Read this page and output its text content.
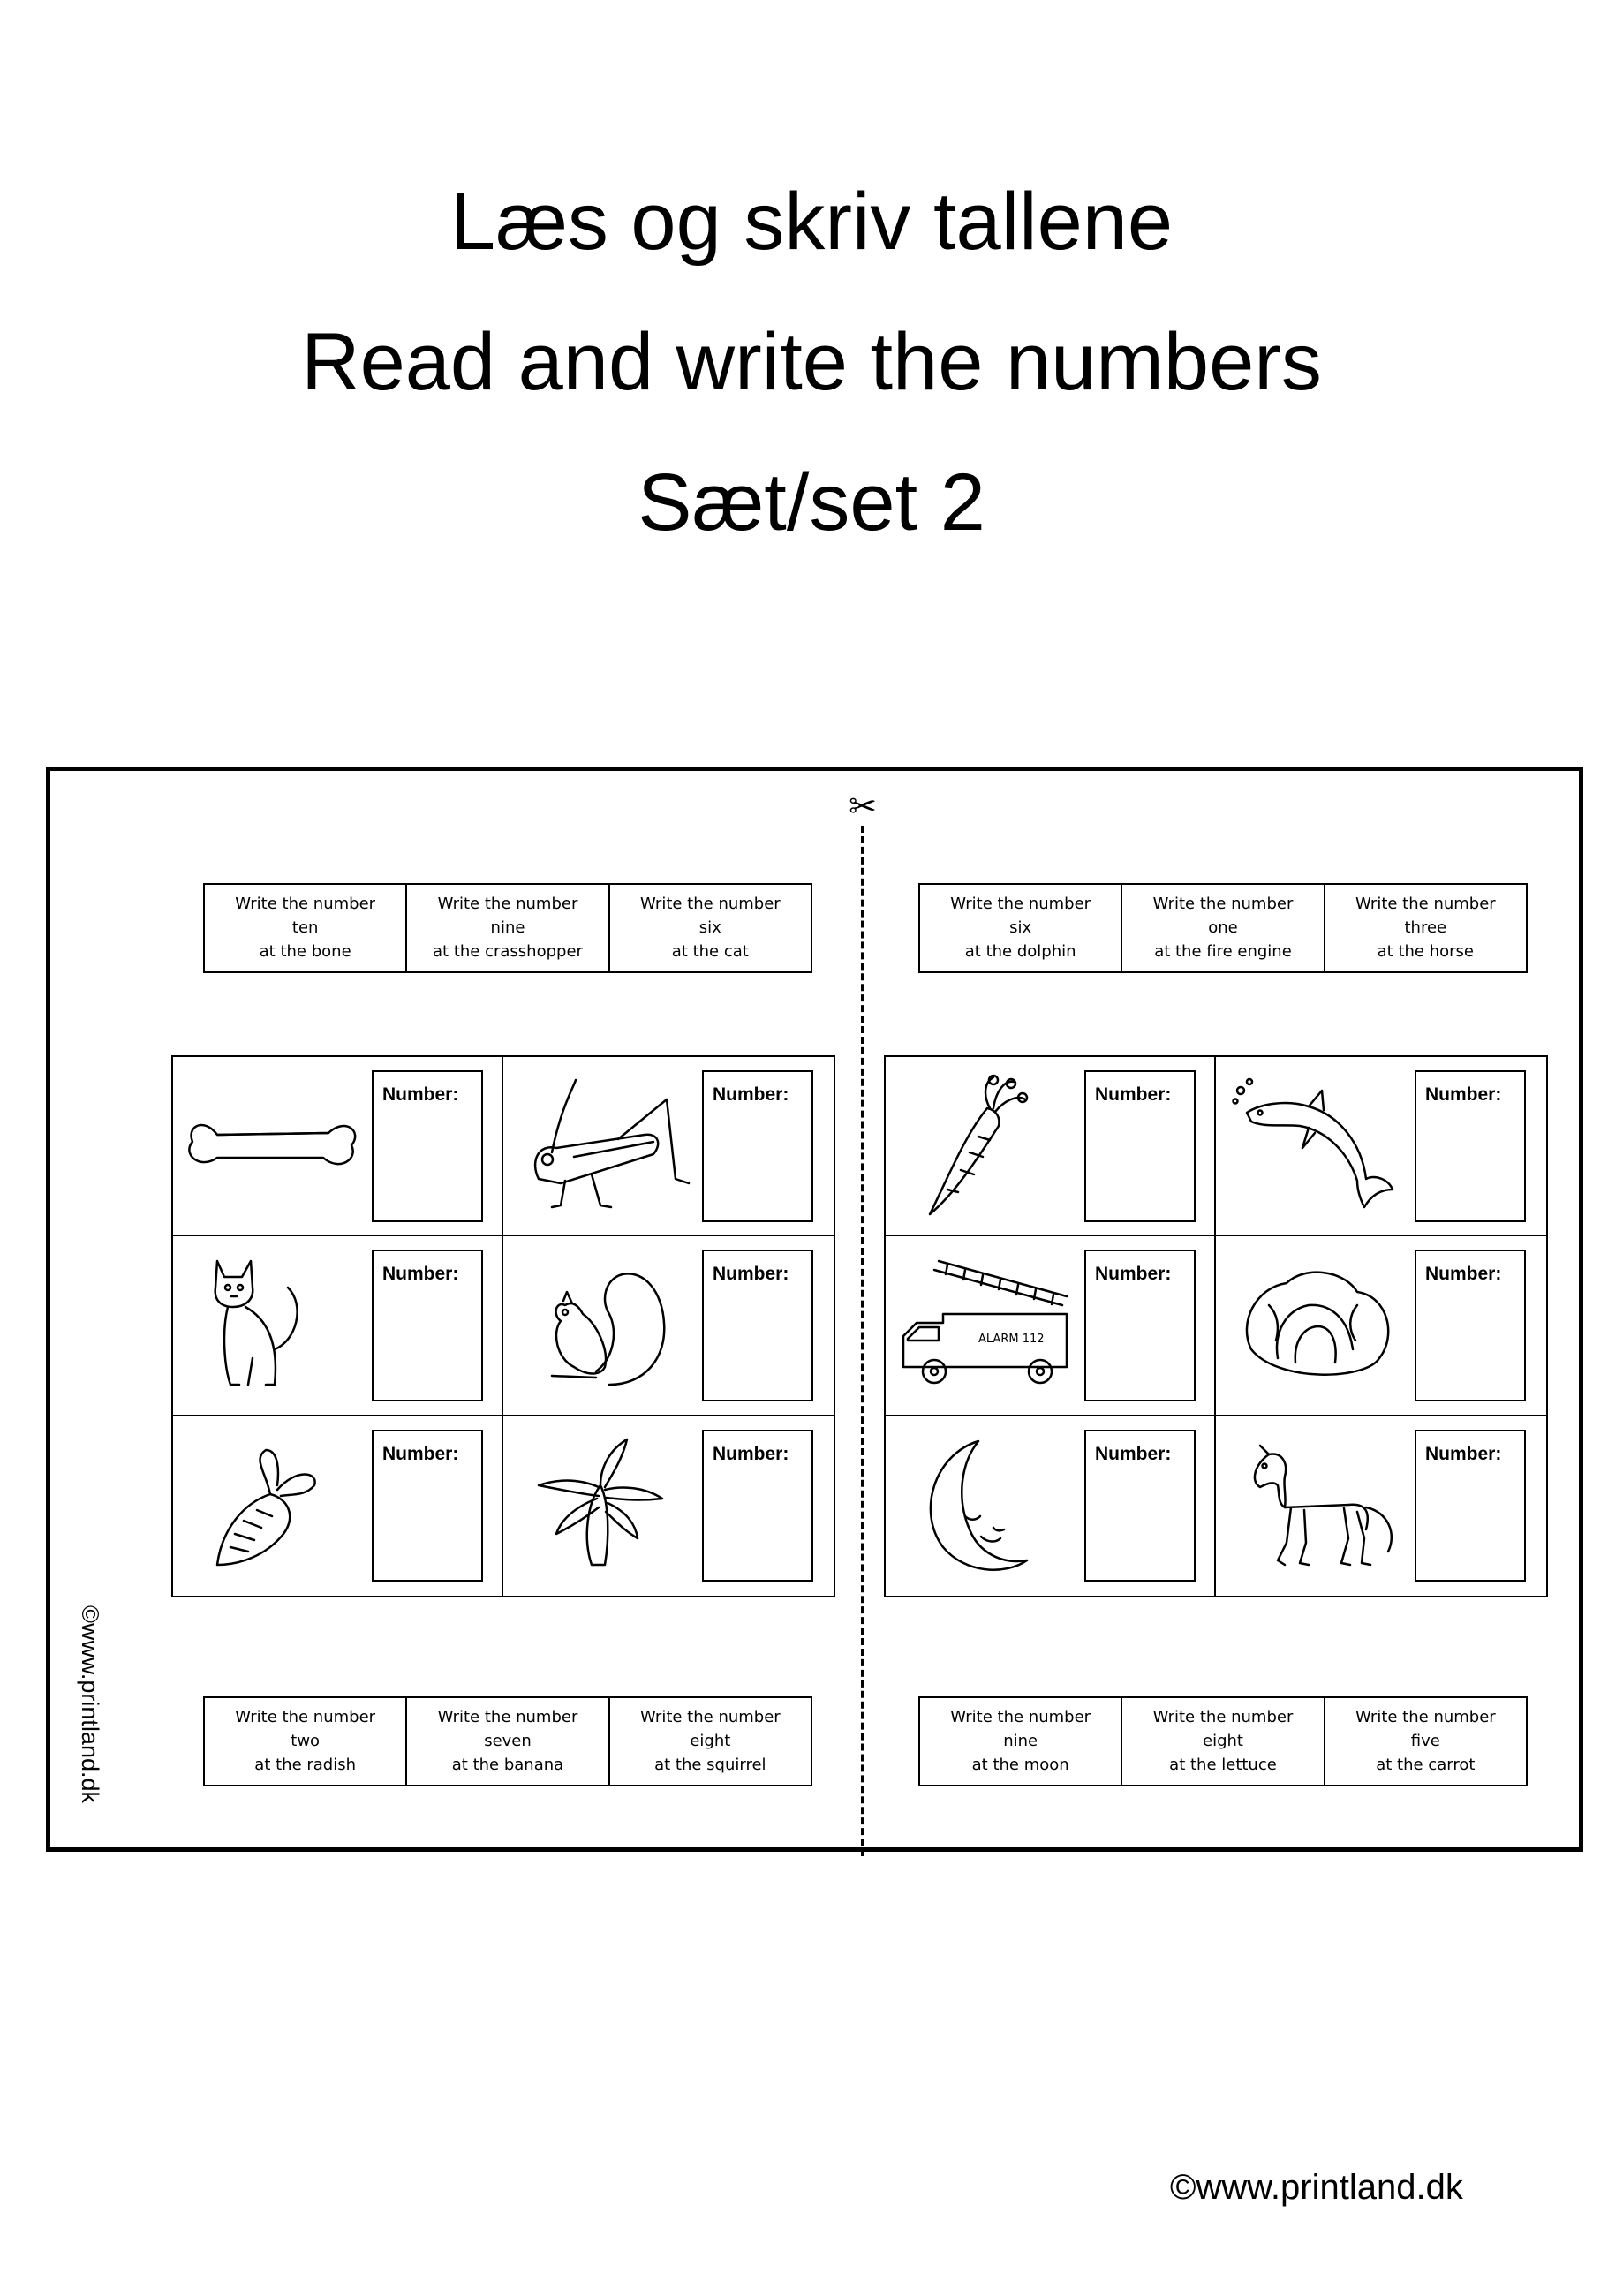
Læs og skriv tallene
Read and write the numbers
Sæt/set 2
✂
©www.printland.dk
Write the number
ten
at the bone
Write the number
nine
at the crasshopper
Write the number
six
at the cat
Number:	Number:
Number:	Number:
Number:	Number:
Write the number
two
at the radish
Write the number
seven
at the banana
Write the number
eight
at the squirrel
Write the number
six
at the dolphin
Write the number
one
at the fire engine
Write the number
three
at the horse
Number:	Number:
ALARM 112
Number:	Number:
Number:	Number:
Write the number
nine
at the moon
Write the number
eight
at the lettuce
Write the number
five
at the carrot
©www.printland.dk
